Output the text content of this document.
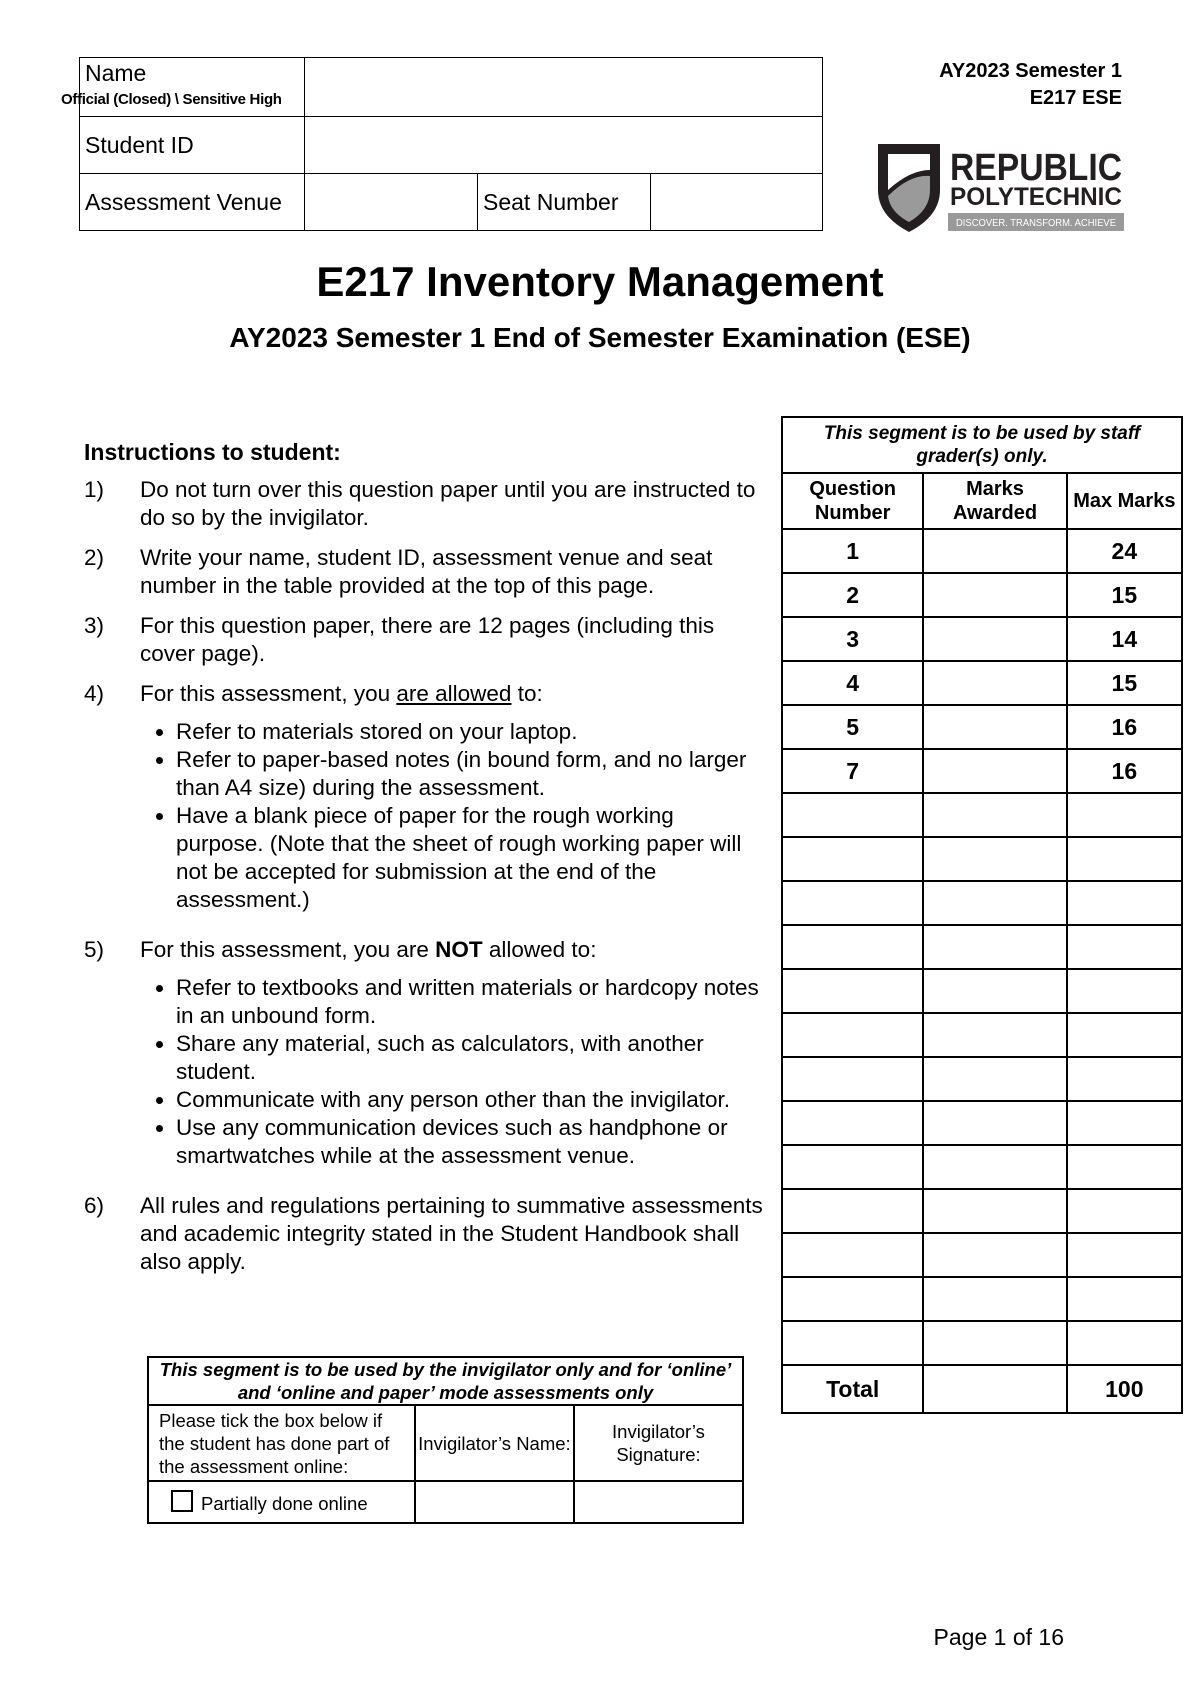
Name			
Student ID			
Assessment Venue		Seat Number	
Official (Closed) \ Sensitive High
AY2023 Semester 1
E217 ESE
REPUBLIC
POLYTECHNIC
DISCOVER. TRANSFORM. ACHIEVE
E217 Inventory Management
AY2023 Semester 1 End of Semester Examination (ESE)
Instructions to student:
1)	Do not turn over this question paper until you are instructed to do so by the invigilator.
2)	Write your name, student ID, assessment venue and seat number in the table provided at the top of this page.
3)	For this question paper, there are 12 pages (including this cover page).
4)	For this assessment, you are allowed to:
• Refer to materials stored on your laptop.
• Refer to paper-based notes (in bound form, and no larger than A4 size) during the assessment.
• Have a blank piece of paper for the rough working purpose. (Note that the sheet of rough working paper will not be accepted for submission at the end of the assessment.)
5)	For this assessment, you are NOT allowed to:
• Refer to textbooks and written materials or hardcopy notes in an unbound form.
• Share any material, such as calculators, with another student.
• Communicate with any person other than the invigilator.
• Use any communication devices such as handphone or smartwatches while at the assessment venue.
6)	All rules and regulations pertaining to summative assessments and academic integrity stated in the Student Handbook shall also apply.
This segment is to be used by staff grader(s) only.		
Question Number	Marks Awarded	Max Marks
1		24
2		15
3		14
4		15
5		16
7		16

Total		100
This segment is to be used by the invigilator only and for ‘online’ and ‘online and paper’ mode assessments only		
Please tick the box below if the student has done part of the assessment online:	Invigilator’s Name:	Invigilator’s Signature:
Partially done online		
Page 1 of 16
